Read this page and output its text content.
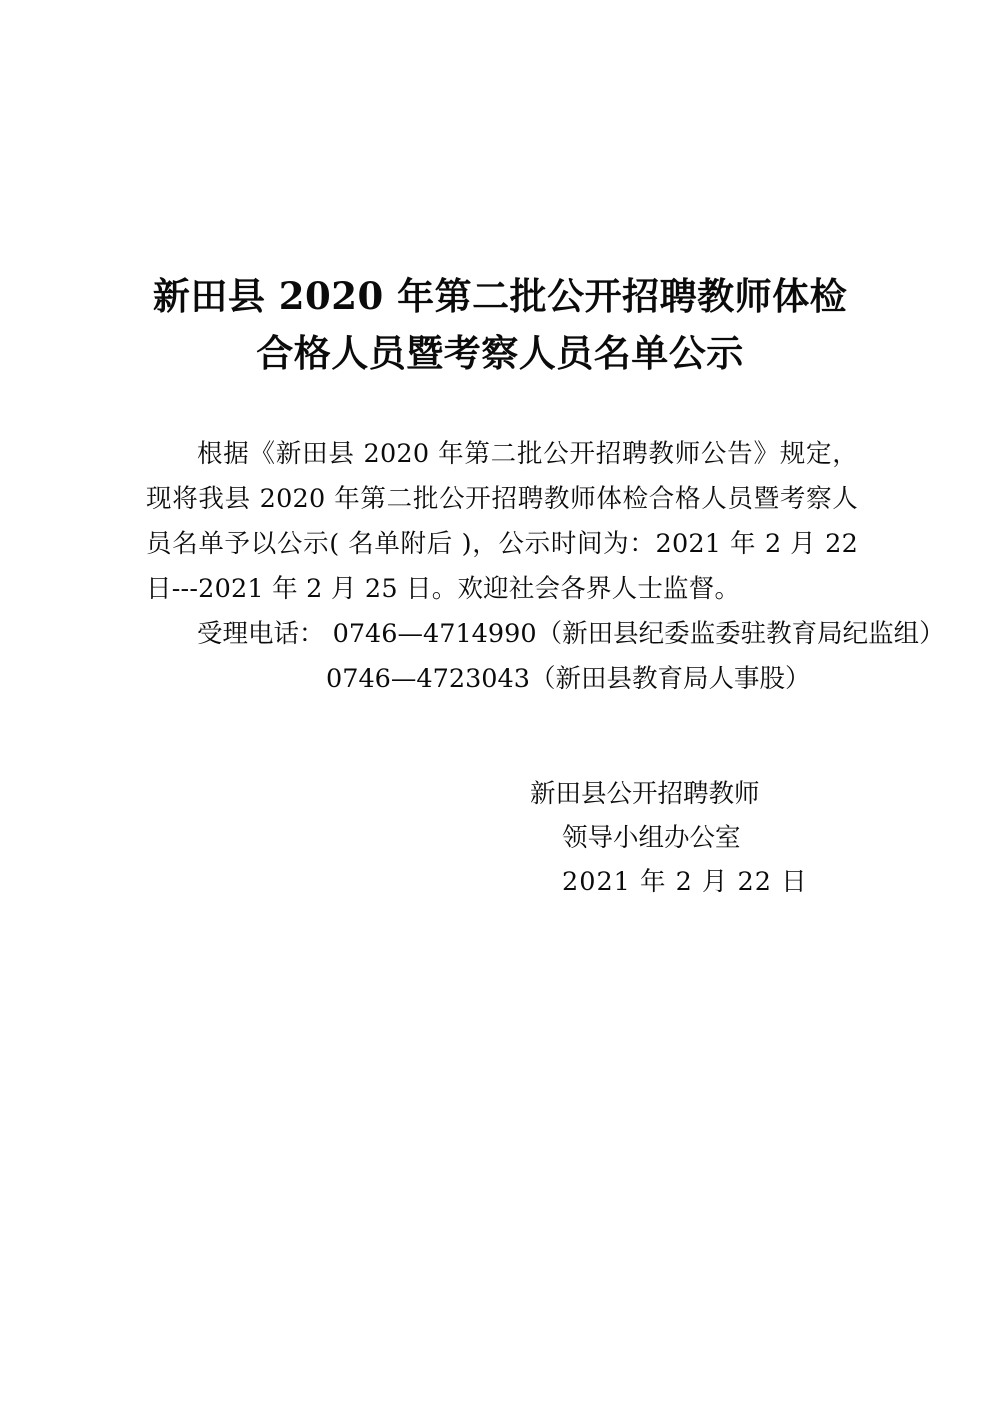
新田县 2020 年第二批公开招聘教师体检
合格人员暨考察人员名单公示

根据《新田县 2020 年第二批公开招聘教师公告》规定，现将我县 2020 年第二批公开招聘教师体检合格人员暨考察人员名单予以公示( 名单附后 )，公示时间为：2021 年 2 月 22 日---2021 年 2 月 25 日。欢迎社会各界人士监督。

受理电话： 0746—4714990（新田县纪委监委驻教育局纪监组）

0746—4723043（新田县教育局人事股）

新田县公开招聘教师

领导小组办公室

2021 年 2 月 22 日
